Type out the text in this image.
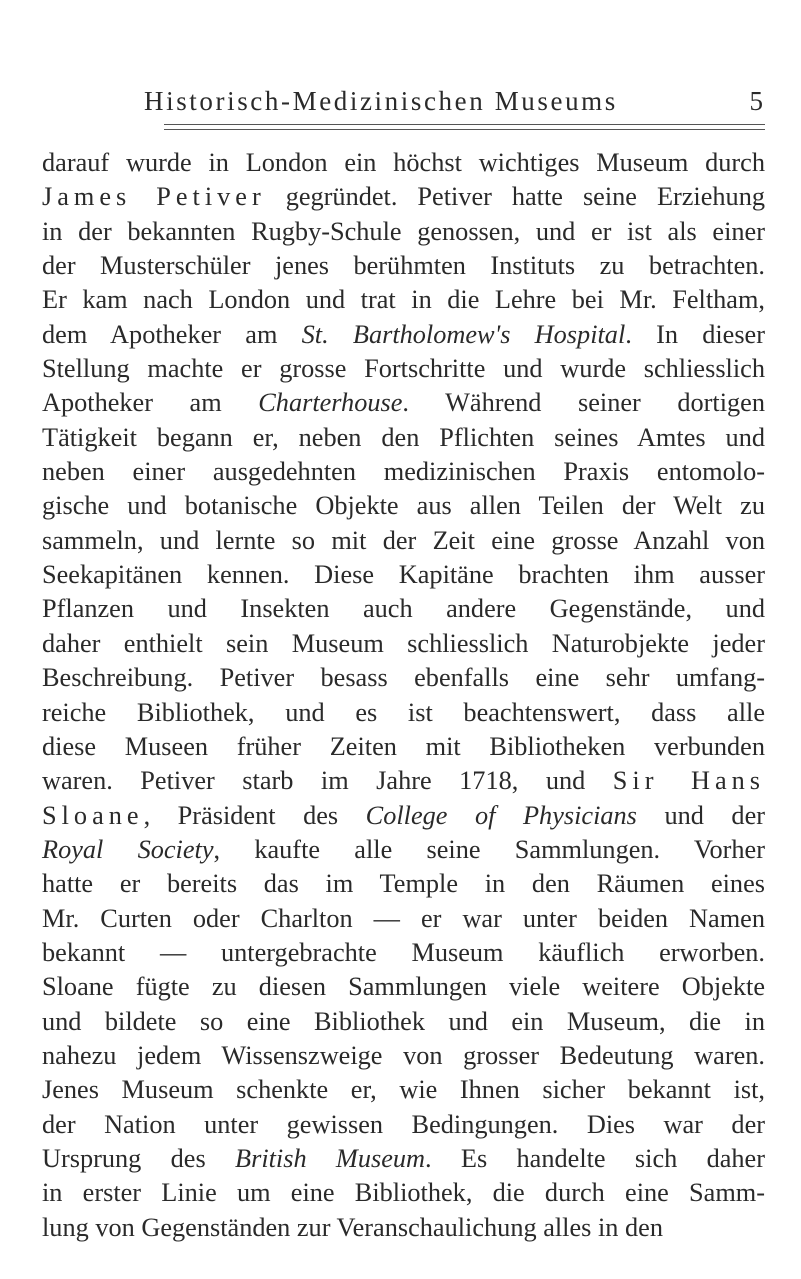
Historisch-Medizinischen Museums	5
darauf wurde in London ein höchst wichtiges Museum durch
James Petiver gegründet. Petiver hatte seine Erziehung
in der bekannten Rugby-Schule genossen, und er ist als einer
der Musterschüler jenes berühmten Instituts zu betrachten.
Er kam nach London und trat in die Lehre bei Mr. Feltham,
dem Apotheker am St. Bartholomew's Hospital. In dieser
Stellung machte er grosse Fortschritte und wurde schliesslich
Apotheker am Charterhouse. Während seiner dortigen
Tätigkeit begann er, neben den Pflichten seines Amtes und
neben einer ausgedehnten medizinischen Praxis entomolo-
gische und botanische Objekte aus allen Teilen der Welt zu
sammeln, und lernte so mit der Zeit eine grosse Anzahl von
Seekapitänen kennen. Diese Kapitäne brachten ihm ausser
Pflanzen und Insekten auch andere Gegenstände, und
daher enthielt sein Museum schliesslich Naturobjekte jeder
Beschreibung. Petiver besass ebenfalls eine sehr umfang-
reiche Bibliothek, und es ist beachtenswert, dass alle
diese Museen früher Zeiten mit Bibliotheken verbunden
waren. Petiver starb im Jahre 1718, und Sir Hans
Sloane, Präsident des College of Physicians und der
Royal Society, kaufte alle seine Sammlungen. Vorher
hatte er bereits das im Temple in den Räumen eines
Mr. Curten oder Charlton — er war unter beiden Namen
bekannt — untergebrachte Museum käuflich erworben.
Sloane fügte zu diesen Sammlungen viele weitere Objekte
und bildete so eine Bibliothek und ein Museum, die in
nahezu jedem Wissenszweige von grosser Bedeutung waren.
Jenes Museum schenkte er, wie Ihnen sicher bekannt ist,
der Nation unter gewissen Bedingungen. Dies war der
Ursprung des British Museum. Es handelte sich daher
in erster Linie um eine Bibliothek, die durch eine Samm-
lung von Gegenständen zur Veranschaulichung alles in den
